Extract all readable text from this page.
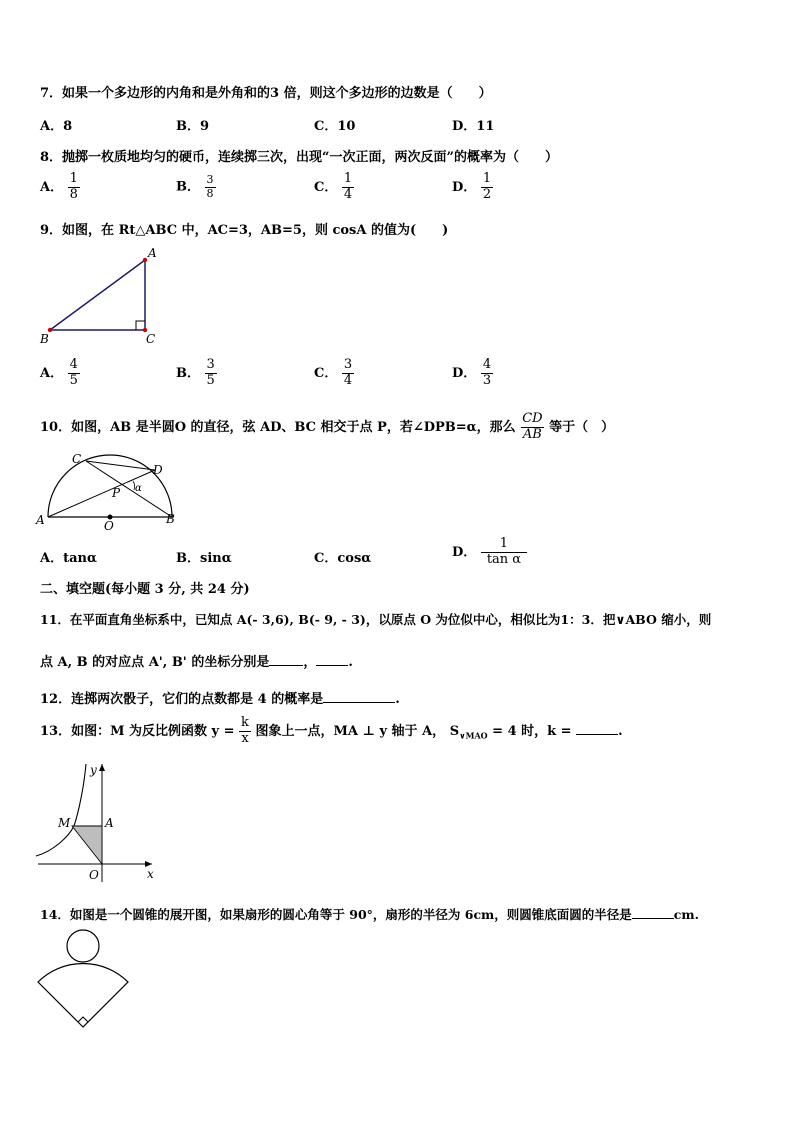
7．如果一个多边形的内角和是外角和的3 倍，则这个多边形的边数是（　　）
A．8	B．9	C．10	D．11
8．抛掷一枚质地均匀的硬币，连续掷三次，出现“一次正面，两次反面”的概率为（　　）
A． $\frac{1}{8}$	B． $\frac{3}{8}$	C． $\frac{1}{4}$	D． $\frac{1}{2}$
9．如图，在 Rt△ABC 中，AC=3，AB=5，则 cosA 的值为(　　)
A
B	C
A． $\frac{4}{5}$	B． $\frac{3}{5}$	C． $\frac{3}{4}$	D． $\frac{4}{3}$
10．如图，AB 是半圆O 的直径，弦 AD、BC 相交于点 P，若∠DPB=α，那么 $\frac{CD}{AB}$ 等于（　）
A	B
C
D
O
P α
A．tanα	B．sinα	C．cosα	D． $\frac{1}{\text{tan α}}$
二、填空题(每小题 3 分, 共 24 分)
11．在平面直角坐标系中，已知点 A(- 3,6), B(- 9, - 3)，以原点 O 为位似中心，相似比为1：3．把∨ABO 缩小，则
点 A, B 的对应点 A', B' 的坐标分别是	， .
12．连掷两次骰子，它们的点数都是 4 的概率是	.
13．如图：M 为反比例函数 $y = \frac{k}{x}$ 图象上一点，MA ⊥ y 轴于 A， $S_{\vee MAO} = 4$ 时，k =	.
y
x
M	A
O
14．如图是一个圆锥的展开图，如果扇形的圆心角等于 90°，扇形的半径为 6cm，则圆锥底面圆的半径是	cm.
